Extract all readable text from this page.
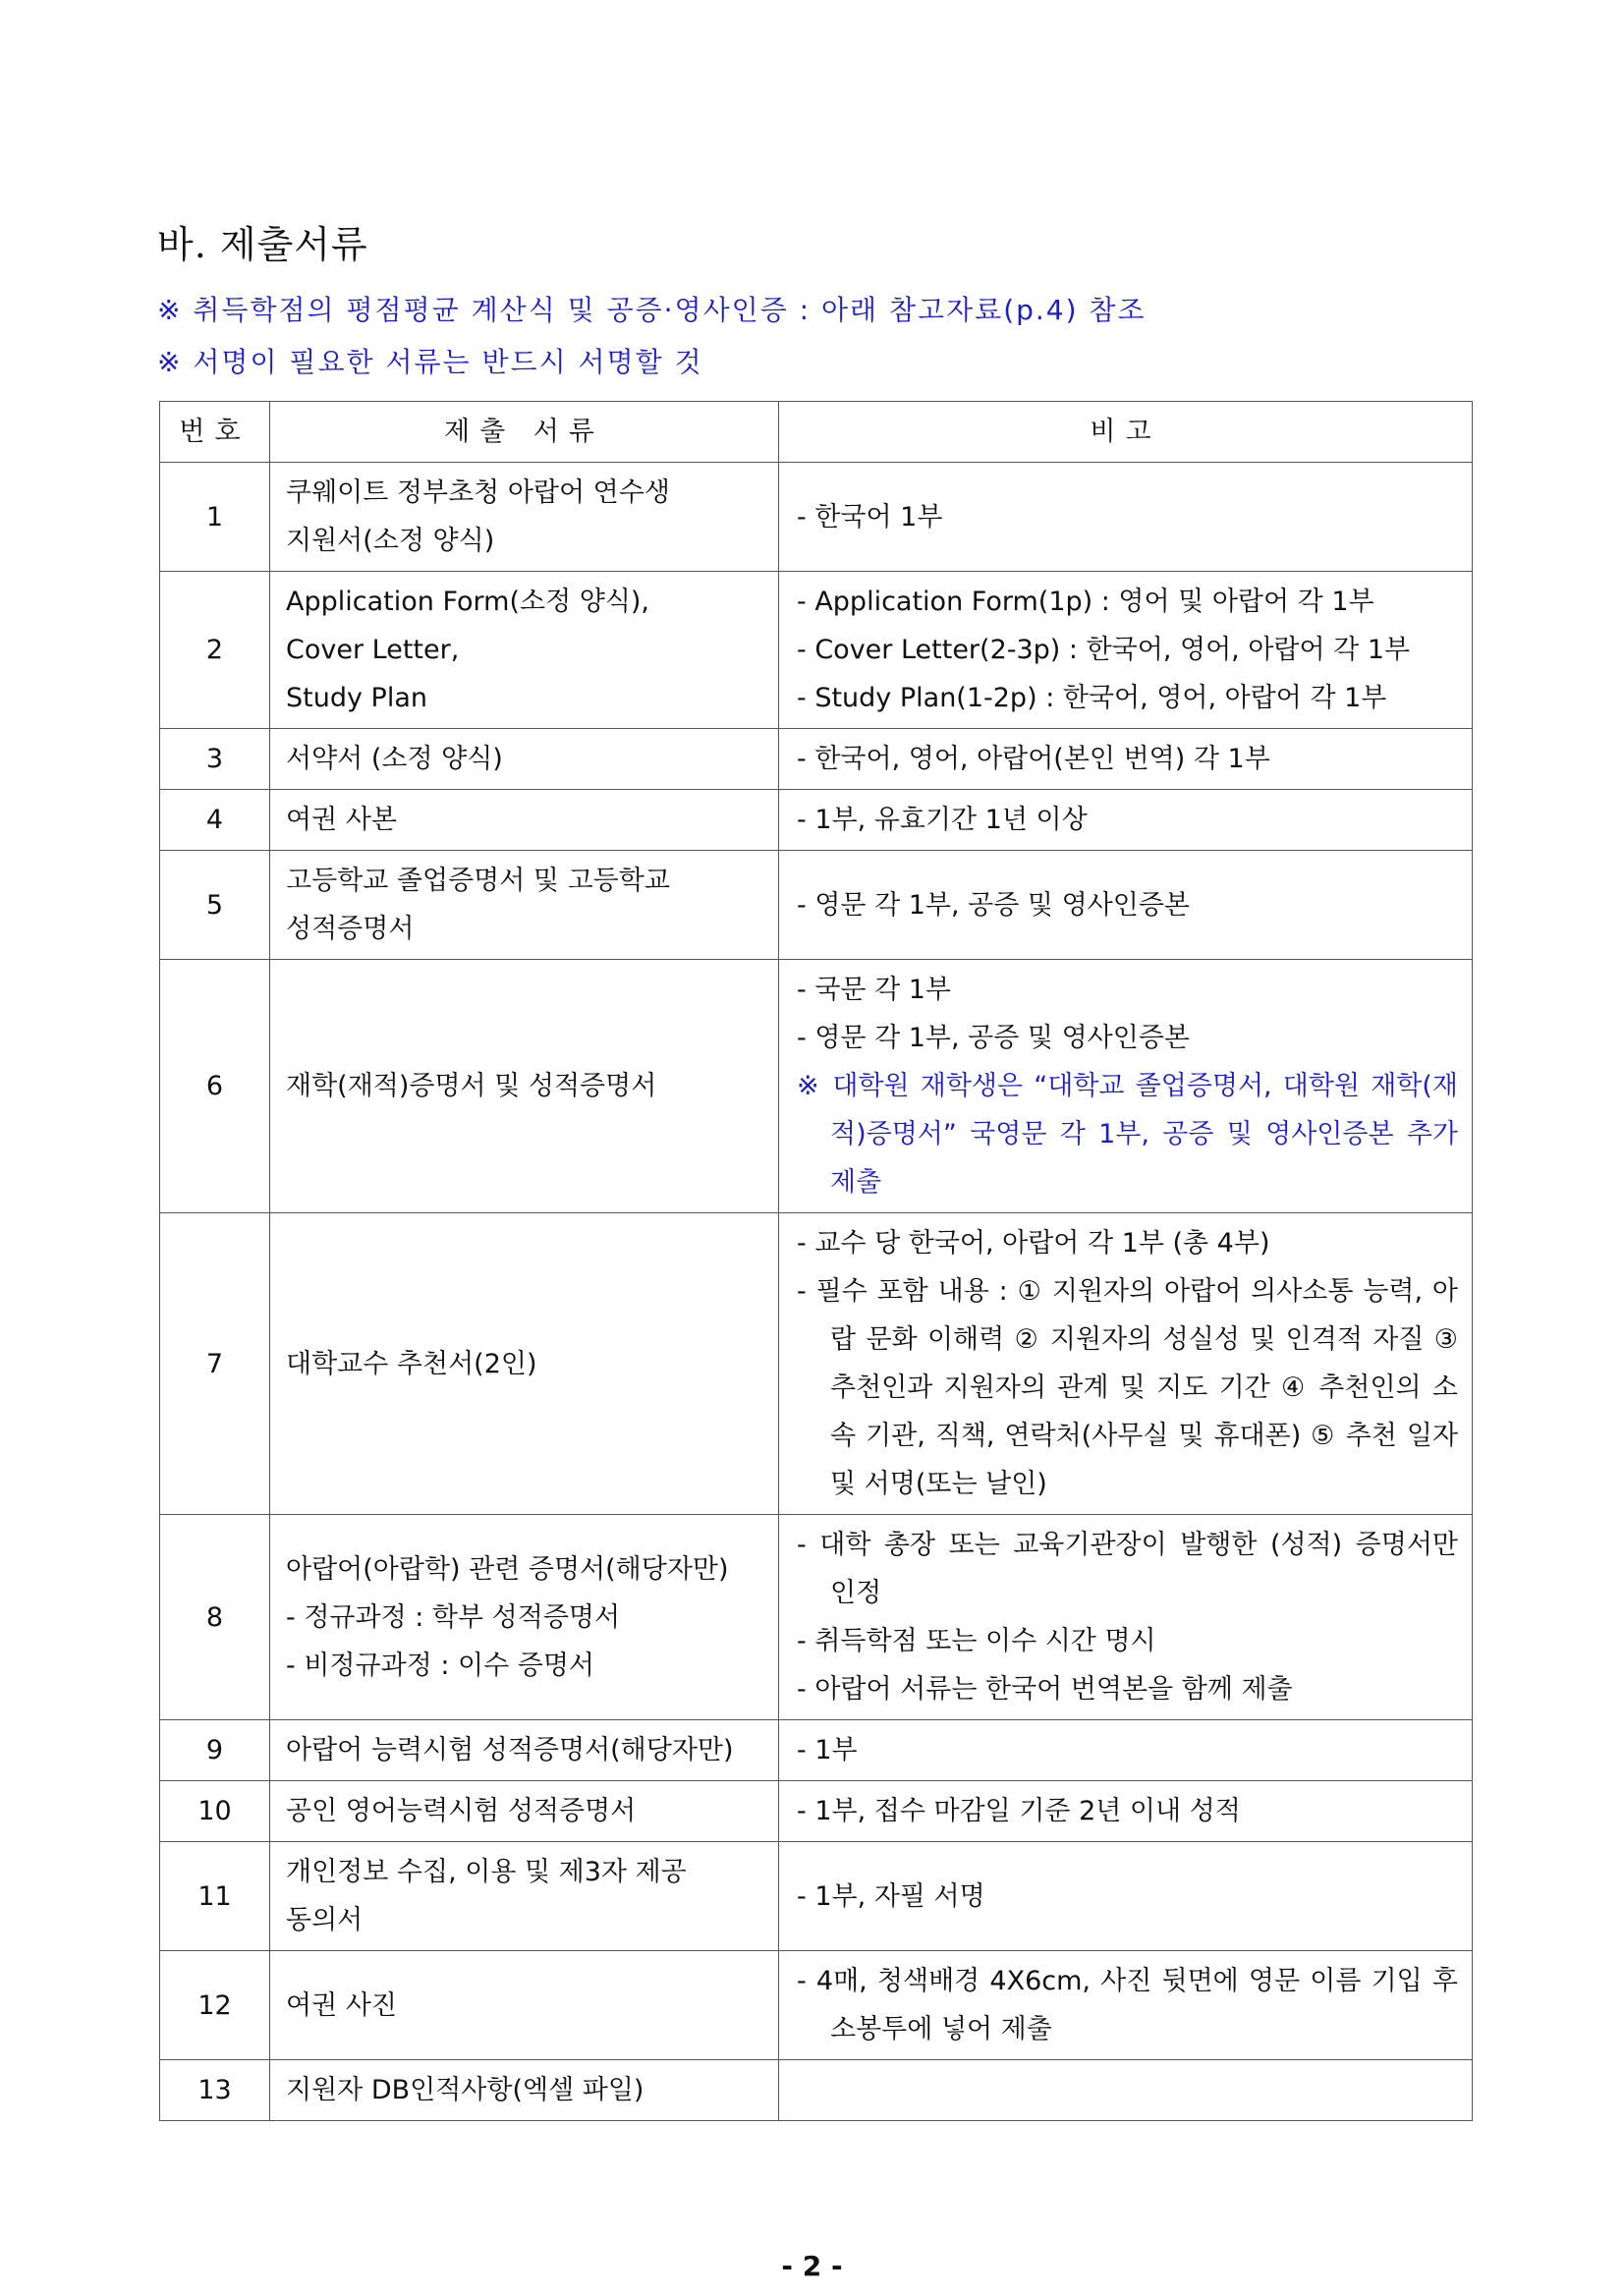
바. 제출서류
※ 취득학점의 평점평균 계산식 및 공증·영사인증 : 아래 참고자료(p.4) 참조
※ 서명이 필요한 서류는 반드시 서명할 것
번호	제출 서류	비고
1	쿠웨이트 정부초청 아랍어 연수생
지원서(소정 양식)	- 한국어 1부

2	Application Form(소정 양식),
Cover Letter,
Study Plan	- Application Form(1p) : 영어 및 아랍어 각 1부
- Cover Letter(2-3p) : 한국어, 영어, 아랍어 각 1부
- Study Plan(1-2p) : 한국어, 영어, 아랍어 각 1부

3	서약서 (소정 양식)	- 한국어, 영어, 아랍어(본인 번역) 각 1부

4	여권 사본	- 1부, 유효기간 1년 이상

5	고등학교 졸업증명서 및 고등학교
성적증명서	- 영문 각 1부, 공증 및 영사인증본

6	재학(재적)증명서 및 성적증명서	- 국문 각 1부
- 영문 각 1부, 공증 및 영사인증본
※ 대학원 재학생은 “대학교 졸업증명서, 대학원 재학(재적)증명서” 국영문 각 1부, 공증 및 영사인증본 추가 제출

7	대학교수 추천서(2인)	- 교수 당 한국어, 아랍어 각 1부 (총 4부)
- 필수 포함 내용 : ① 지원자의 아랍어 의사소통 능력, 아랍 문화 이해력 ② 지원자의 성실성 및 인격적 자질 ③ 추천인과 지원자의 관계 및 지도 기간 ④ 추천인의 소속 기관, 직책, 연락처(사무실 및 휴대폰) ⑤ 추천 일자 및 서명(또는 날인)

8	아랍어(아랍학) 관련 증명서(해당자만)
- 정규과정 : 학부 성적증명서
- 비정규과정 : 이수 증명서	- 대학 총장 또는 교육기관장이 발행한 (성적) 증명서만 인정
- 취득학점 또는 이수 시간 명시
- 아랍어 서류는 한국어 번역본을 함께 제출

9	아랍어 능력시험 성적증명서(해당자만)	- 1부

10	공인 영어능력시험 성적증명서	- 1부, 접수 마감일 기준 2년 이내 성적

11	개인정보 수집, 이용 및 제3자 제공
동의서	- 1부, 자필 서명

12	여권 사진	- 4매, 청색배경 4X6cm, 사진 뒷면에 영문 이름 기입 후 소봉투에 넣어 제출

13	지원자 DB인적사항(엑셀 파일)	

- 2 -
